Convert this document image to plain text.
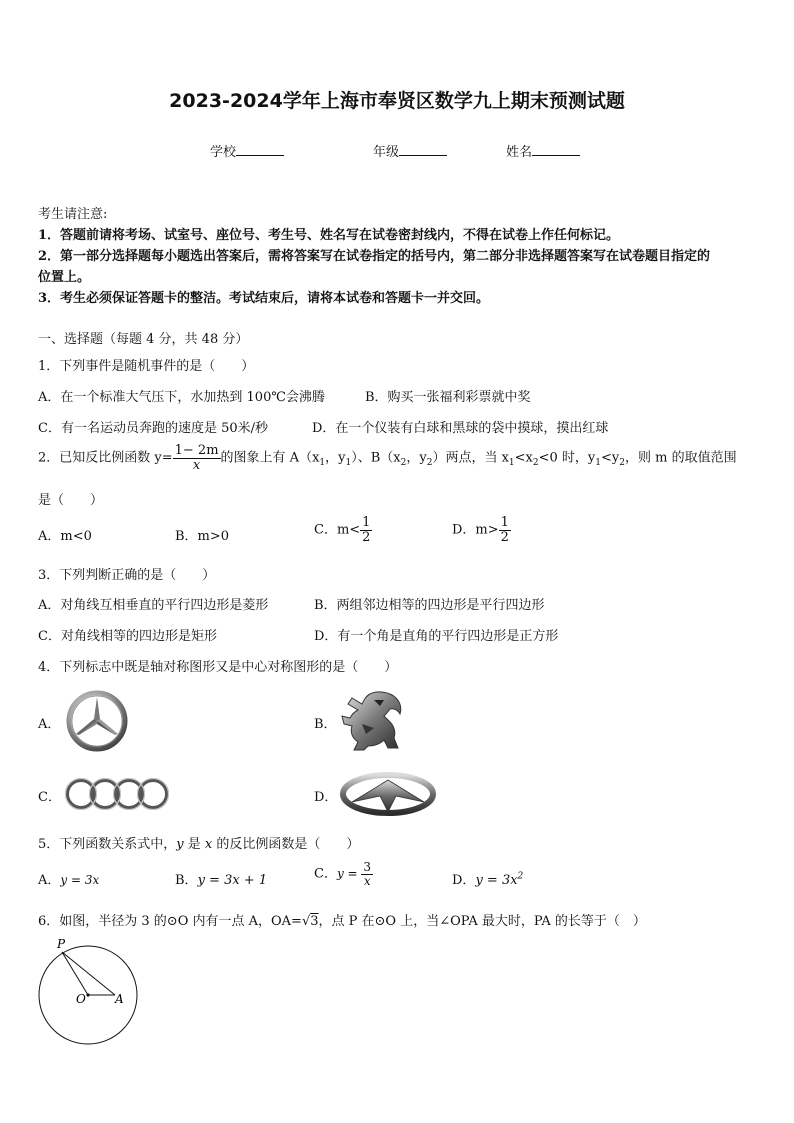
2023-2024学年上海市奉贤区数学九上期末预测试题
学校	年级	姓名
考生请注意:
1．答题前请将考场、试室号、座位号、考生号、姓名写在试卷密封线内，不得在试卷上作任何标记。
2．第一部分选择题每小题选出答案后，需将答案写在试卷指定的括号内，第二部分非选择题答案写在试卷题目指定的
位置上。
3．考生必须保证答题卡的整洁。考试结束后，请将本试卷和答题卡一并交回。
一、选择题（每题 4 分，共 48 分）
1．下列事件是随机事件的是（　　）
A．在一个标准大气压下，水加热到 100℃会沸腾	B．购买一张福利彩票就中奖
C．有一名运动员奔跑的速度是 50米/秒	D．在一个仪装有白球和黑球的袋中摸球，摸出红球
2．已知反比例函数 $y= \frac{1- 2m}{x}$ 的图象上有 $A(x_1$，$y_1$）、$B(x_2$，$y_2$）两点，当 $x_1<x_2<0$ 时，$y_1<y_2$，则 m 的取值范围
是（　　）
A．m<0	B．m>0	C．$m< \frac{1}{2}$	D．$m> \frac{1}{2}$
3．下列判断正确的是（　　）
A．对角线互相垂直的平行四边形是菱形	B．两组邻边相等的四边形是平行四边形
C．对角线相等的四边形是矩形	D．有一个角是直角的平行四边形是正方形
4．下列标志中既是轴对称图形又是中心对称图形的是（　　）
A．	B．
C．	D．
5．下列函数关系式中，y 是 x 的反比例函数是（　　）
A．y = 3x	B．y = 3x + 1	C．$y = \frac{3}{x}$	D．$y = 3x^2$
6．如图，半径为 3 的⊙O 内有一点 A，OA=√3，点 P 在⊙O 上，当∠OPA 最大时，PA 的长等于（　）
P
O A
